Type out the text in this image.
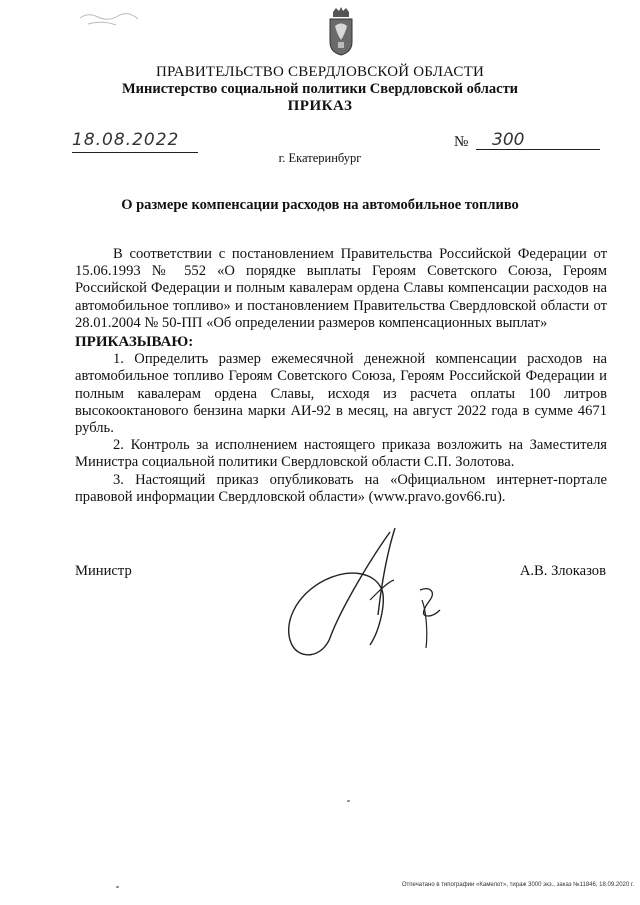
ПРАВИТЕЛЬСТВО СВЕРДЛОВСКОЙ ОБЛАСТИ
Министерство социальной политики Свердловской области
ПРИКАЗ
18.08.2022	№	300
г. Екатеринбург
О размере компенсации расходов на автомобильное топливо

В соответствии с постановлением Правительства Российской Федерации от 15.06.1993 № 552 «О порядке выплаты Героям Советского Союза, Героям Российской Федерации и полным кавалерам ордена Славы компенсации расходов на автомобильное топливо» и постановлением Правительства Свердловской области от 28.01.2004 № 50-ПП «Об определении размеров компенсационных выплат»

ПРИКАЗЫВАЮ:

1. Определить размер ежемесячной денежной компенсации расходов на автомобильное топливо Героям Советского Союза, Героям Российской Федерации и полным кавалерам ордена Славы, исходя из расчета оплаты 100 литров высокооктанового бензина марки АИ-92 в месяц, на август 2022 года в сумме 4671 рубль.

2. Контроль за исполнением настоящего приказа возложить на Заместителя Министра социальной политики Свердловской области С.П. Золотова.

3. Настоящий приказ опубликовать на «Официальном интернет-портале правовой информации Свердловской области» (www.pravo.gov66.ru).

Министр	А.В. Злоказов
Отпечатано в типографии «Камелот», тираж 3000 экз., заказ №11846, 18.09.2020 г.
